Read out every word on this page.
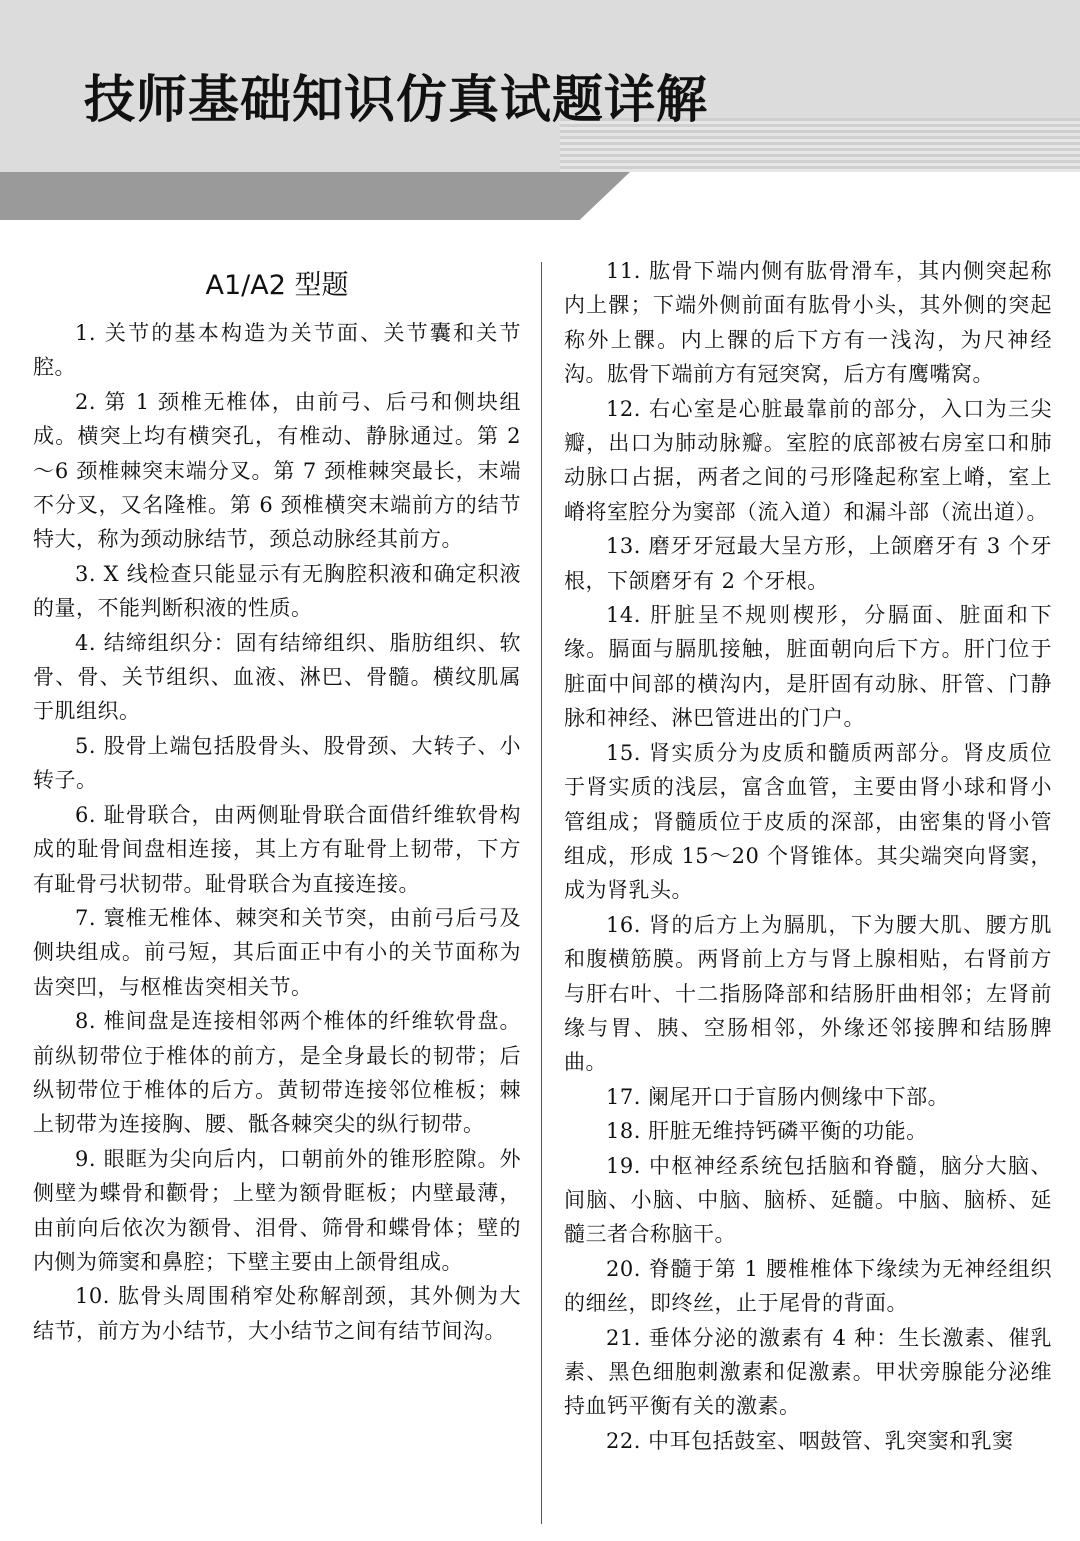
技师基础知识仿真试题详解
A1/A2 型题

1. 关节的基本构造为关节面、关节囊和关节腔。

2. 第 1 颈椎无椎体，由前弓、后弓和侧块组成。横突上均有横突孔，有椎动、静脉通过。第 2～6 颈椎棘突末端分叉。第 7 颈椎棘突最长，末端不分叉，又名隆椎。第 6 颈椎横突末端前方的结节特大，称为颈动脉结节，颈总动脉经其前方。

3. X 线检查只能显示有无胸腔积液和确定积液的量，不能判断积液的性质。

4. 结缔组织分：固有结缔组织、脂肪组织、软骨、骨、关节组织、血液、淋巴、骨髓。横纹肌属于肌组织。

5. 股骨上端包括股骨头、股骨颈、大转子、小转子。

6. 耻骨联合，由两侧耻骨联合面借纤维软骨构成的耻骨间盘相连接，其上方有耻骨上韧带，下方有耻骨弓状韧带。耻骨联合为直接连接。

7. 寰椎无椎体、棘突和关节突，由前弓后弓及侧块组成。前弓短，其后面正中有小的关节面称为齿突凹，与枢椎齿突相关节。

8. 椎间盘是连接相邻两个椎体的纤维软骨盘。前纵韧带位于椎体的前方，是全身最长的韧带；后纵韧带位于椎体的后方。黄韧带连接邻位椎板；棘上韧带为连接胸、腰、骶各棘突尖的纵行韧带。

9. 眼眶为尖向后内，口朝前外的锥形腔隙。外侧壁为蝶骨和颧骨；上壁为额骨眶板；内壁最薄，由前向后依次为额骨、泪骨、筛骨和蝶骨体；壁的内侧为筛窦和鼻腔；下壁主要由上颌骨组成。

10. 肱骨头周围稍窄处称解剖颈，其外侧为大结节，前方为小结节，大小结节之间有结节间沟。

11. 肱骨下端内侧有肱骨滑车，其内侧突起称内上髁；下端外侧前面有肱骨小头，其外侧的突起称外上髁。内上髁的后下方有一浅沟，为尺神经沟。肱骨下端前方有冠突窝，后方有鹰嘴窝。

12. 右心室是心脏最靠前的部分，入口为三尖瓣，出口为肺动脉瓣。室腔的底部被右房室口和肺动脉口占据，两者之间的弓形隆起称室上嵴，室上嵴将室腔分为窦部（流入道）和漏斗部（流出道）。

13. 磨牙牙冠最大呈方形，上颌磨牙有 3 个牙根，下颌磨牙有 2 个牙根。

14. 肝脏呈不规则楔形，分膈面、脏面和下缘。膈面与膈肌接触，脏面朝向后下方。肝门位于脏面中间部的横沟内，是肝固有动脉、肝管、门静脉和神经、淋巴管进出的门户。

15. 肾实质分为皮质和髓质两部分。肾皮质位于肾实质的浅层，富含血管，主要由肾小球和肾小管组成；肾髓质位于皮质的深部，由密集的肾小管组成，形成 15～20 个肾锥体。其尖端突向肾窦，成为肾乳头。

16. 肾的后方上为膈肌，下为腰大肌、腰方肌和腹横筋膜。两肾前上方与肾上腺相贴，右肾前方与肝右叶、十二指肠降部和结肠肝曲相邻；左肾前缘与胃、胰、空肠相邻，外缘还邻接脾和结肠脾曲。

17. 阑尾开口于盲肠内侧缘中下部。

18. 肝脏无维持钙磷平衡的功能。

19. 中枢神经系统包括脑和脊髓，脑分大脑、间脑、小脑、中脑、脑桥、延髓。中脑、脑桥、延髓三者合称脑干。

20. 脊髓于第 1 腰椎椎体下缘续为无神经组织的细丝，即终丝，止于尾骨的背面。

21. 垂体分泌的激素有 4 种：生长激素、催乳素、黑色细胞刺激素和促激素。甲状旁腺能分泌维持血钙平衡有关的激素。

22. 中耳包括鼓室、咽鼓管、乳突窦和乳窦
